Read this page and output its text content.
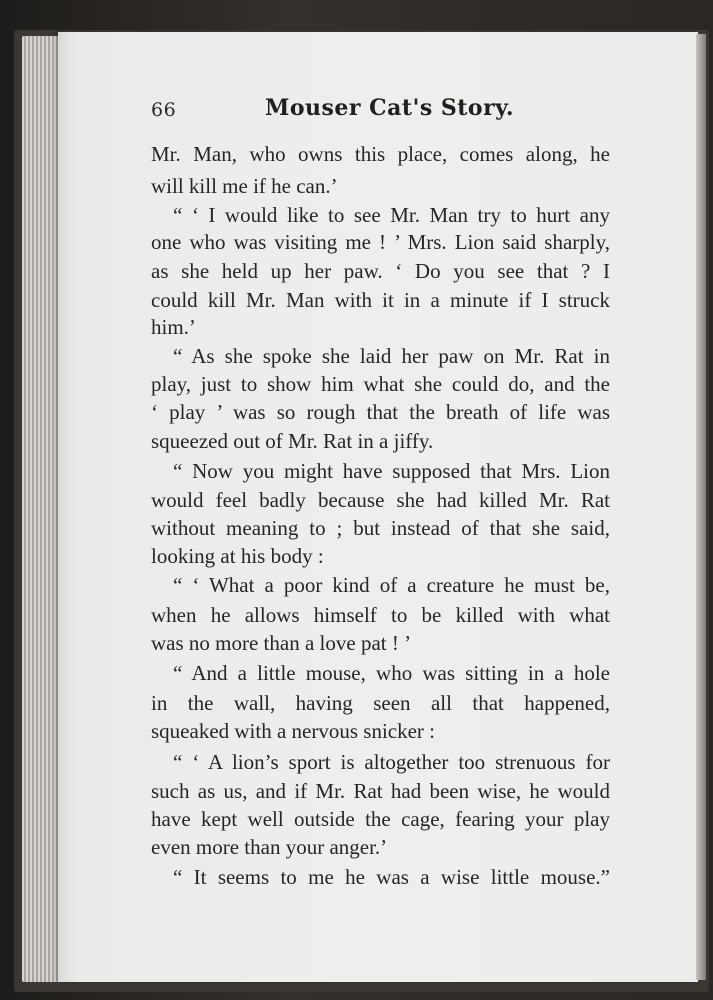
66	Mouser Cat's Story.
Mr. Man, who owns this place, comes along, he
will kill me if he can.’
“ ‘ I would like to see Mr. Man try to hurt any
one who was visiting me ! ’ Mrs. Lion said sharply,
as she held up her paw. ‘ Do you see that ? I
could kill Mr. Man with it in a minute if I struck
him.’
“ As she spoke she laid her paw on Mr. Rat in
play, just to show him what she could do, and the
‘ play ’ was so rough that the breath of life was
squeezed out of Mr. Rat in a jiffy.
“ Now you might have supposed that Mrs. Lion
would feel badly because she had killed Mr. Rat
without meaning to ; but instead of that she said,
looking at his body :
“ ‘ What a poor kind of a creature he must be,
when he allows himself to be killed with what
was no more than a love pat ! ’
“ And a little mouse, who was sitting in a hole
in the wall, having seen all that happened,
squeaked with a nervous snicker :
“ ‘ A lion’s sport is altogether too strenuous for
such as us, and if Mr. Rat had been wise, he would
have kept well outside the cage, fearing your play
even more than your anger.’
“ It seems to me he was a wise little mouse.”
